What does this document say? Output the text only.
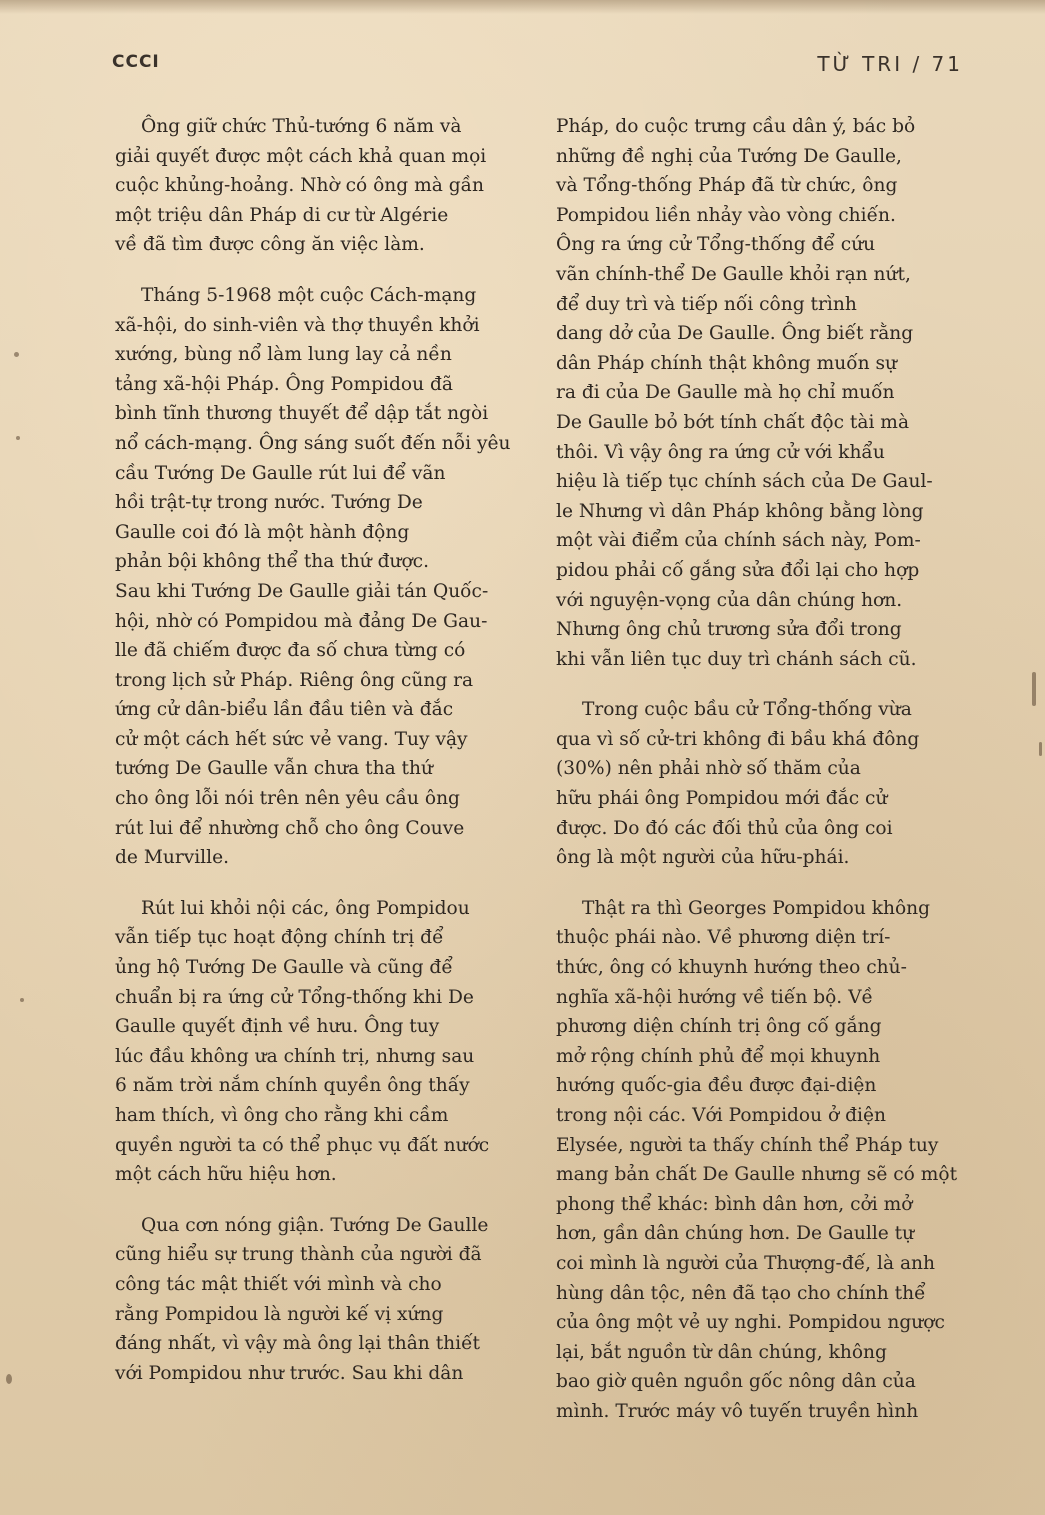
CCCI	TỪ TRI / 71

Ông giữ chức Thủ-tướng 6 năm và
giải quyết được một cách khả quan mọi
cuộc khủng-hoảng. Nhờ có ông mà gần
một triệu dân Pháp di cư từ Algérie
về đã tìm được công ăn việc làm.

Tháng 5-1968 một cuộc Cách-mạng
xã-hội, do sinh-viên và thợ thuyền khởi
xướng, bùng nổ làm lung lay cả nền
tảng xã-hội Pháp. Ông Pompidou đã
bình tĩnh thương thuyết để dập tắt ngòi
nổ cách-mạng. Ông sáng suốt đến nỗi yêu
cầu Tướng De Gaulle rút lui để vãn
hồi trật-tự trong nước. Tướng De
Gaulle coi đó là một hành động
phản bội không thể tha thứ được.
Sau khi Tướng De Gaulle giải tán Quốc-
hội, nhờ có Pompidou mà đảng De Gau-
lle đã chiếm được đa số chưa từng có
trong lịch sử Pháp. Riêng ông cũng ra
ứng cử dân-biểu lần đầu tiên và đắc
cử một cách hết sức vẻ vang. Tuy vậy
tướng De Gaulle vẫn chưa tha thứ
cho ông lỗi nói trên nên yêu cầu ông
rút lui để nhường chỗ cho ông Couve
de Murville.

Rút lui khỏi nội các, ông Pompidou
vẫn tiếp tục hoạt động chính trị để
ủng hộ Tướng De Gaulle và cũng để
chuẩn bị ra ứng cử Tổng-thống khi De
Gaulle quyết định về hưu. Ông tuy
lúc đầu không ưa chính trị, nhưng sau
6 năm trời nắm chính quyền ông thấy
ham thích, vì ông cho rằng khi cầm
quyền người ta có thể phục vụ đất nước
một cách hữu hiệu hơn.

Qua cơn nóng giận. Tướng De Gaulle
cũng hiểu sự trung thành của người đã
công tác mật thiết với mình và cho
rằng Pompidou là người kế vị xứng
đáng nhất, vì vậy mà ông lại thân thiết
với Pompidou như trước. Sau khi dân

Pháp, do cuộc trưng cầu dân ý, bác bỏ
những đề nghị của Tướng De Gaulle,
và Tổng-thống Pháp đã từ chức, ông
Pompidou liền nhảy vào vòng chiến.
Ông ra ứng cử Tổng-thống để cứu
vãn chính-thể De Gaulle khỏi rạn nứt,
để duy trì và tiếp nối công trình
dang dở của De Gaulle. Ông biết rằng
dân Pháp chính thật không muốn sự
ra đi của De Gaulle mà họ chỉ muốn
De Gaulle bỏ bớt tính chất độc tài mà
thôi. Vì vậy ông ra ứng cử với khẩu
hiệu là tiếp tục chính sách của De Gaul-
le Nhưng vì dân Pháp không bằng lòng
một vài điểm của chính sách này, Pom-
pidou phải cố gắng sửa đổi lại cho hợp
với nguyện-vọng của dân chúng hơn.
Nhưng ông chủ trương sửa đổi trong
khi vẫn liên tục duy trì chánh sách cũ.

Trong cuộc bầu cử Tổng-thống vừa
qua vì số cử-tri không đi bầu khá đông
(30%) nên phải nhờ số thăm của
hữu phái ông Pompidou mới đắc cử
được. Do đó các đối thủ của ông coi
ông là một người của hữu-phái.

Thật ra thì Georges Pompidou không
thuộc phái nào. Về phương diện trí-
thức, ông có khuynh hướng theo chủ-
nghĩa xã-hội hướng về tiến bộ. Về
phương diện chính trị ông cố gắng
mở rộng chính phủ để mọi khuynh
hướng quốc-gia đều được đại-diện
trong nội các. Với Pompidou ở điện
Elysée, người ta thấy chính thể Pháp tuy
mang bản chất De Gaulle nhưng sẽ có một
phong thể khác: bình dân hơn, cởi mở
hơn, gần dân chúng hơn. De Gaulle tự
coi mình là người của Thượng-đế, là anh
hùng dân tộc, nên đã tạo cho chính thể
của ông một vẻ uy nghi. Pompidou ngược
lại, bắt nguồn từ dân chúng, không
bao giờ quên nguồn gốc nông dân của
mình. Trước máy vô tuyến truyền hình
